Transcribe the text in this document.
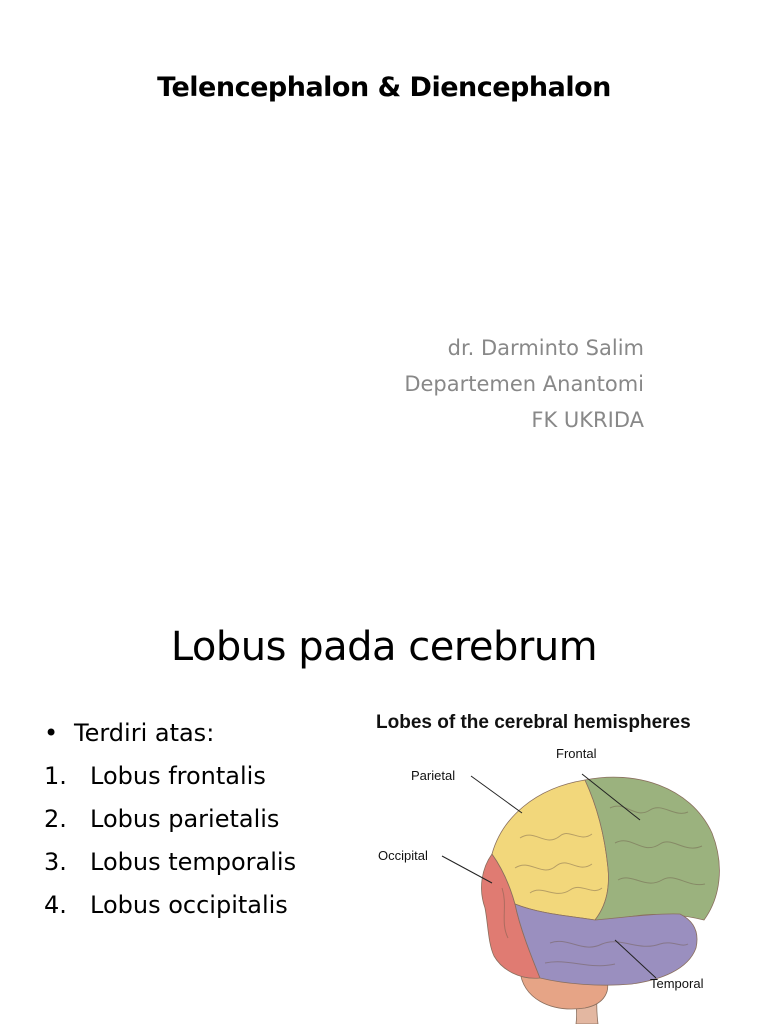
Telencephalon & Diencephalon
dr. Darminto Salim
Departemen Anantomi
FK UKRIDA
Lobus pada cerebrum
• Terdiri atas:
1. Lobus frontalis
2. Lobus parietalis
3. Lobus temporalis
4. Lobus occipitalis
Lobes of the cerebral hemispheres
Frontal
Parietal
Occipital
Temporal
